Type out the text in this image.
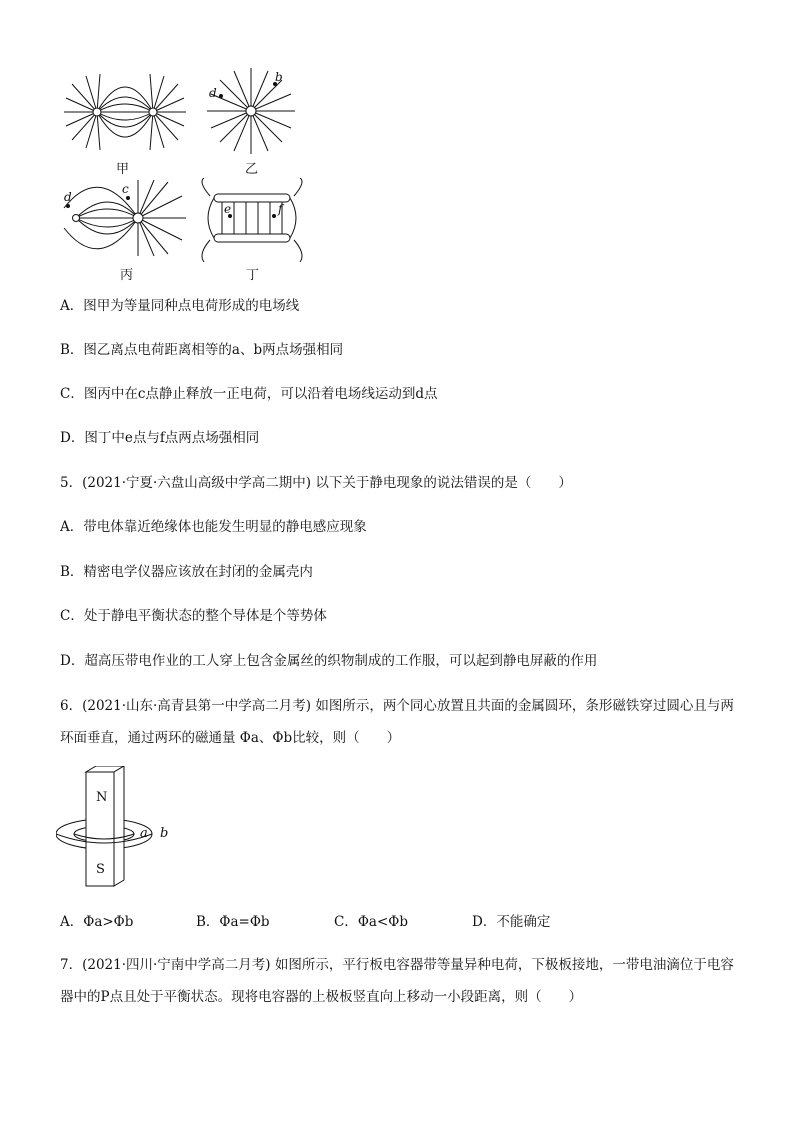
甲
d
b
乙
d
c
丙
e	f
丁
A．图甲为等量同种点电荷形成的电场线
B．图乙离点电荷距离相等的a、b两点场强相同
C．图丙中在c点静止释放一正电荷，可以沿着电场线运动到d点
D．图丁中e点与f点两点场强相同
5．(2021·宁夏·六盘山高级中学高二期中) 以下关于静电现象的说法错误的是（　　）
A．带电体靠近绝缘体也能发生明显的静电感应现象
B．精密电学仪器应该放在封闭的金属壳内
C．处于静电平衡状态的整个导体是个等势体
D．超高压带电作业的工人穿上包含金属丝的织物制成的工作服，可以起到静电屏蔽的作用
6．(2021·山东·高青县第一中学高二月考) 如图所示，两个同心放置且共面的金属圆环，条形磁铁穿过圆心且与两环面垂直，通过两环的磁通量 Φa、Φb比较，则（　　）
N
S
a b
A．Φa>Φb	B．Φa=Φb	C．Φa<Φb	D．不能确定
7．(2021·四川·宁南中学高二月考) 如图所示，平行板电容器带等量异种电荷，下极板接地，一带电油滴位于电容器中的P点且处于平衡状态。现将电容器的上极板竖直向上移动一小段距离，则（　　）
